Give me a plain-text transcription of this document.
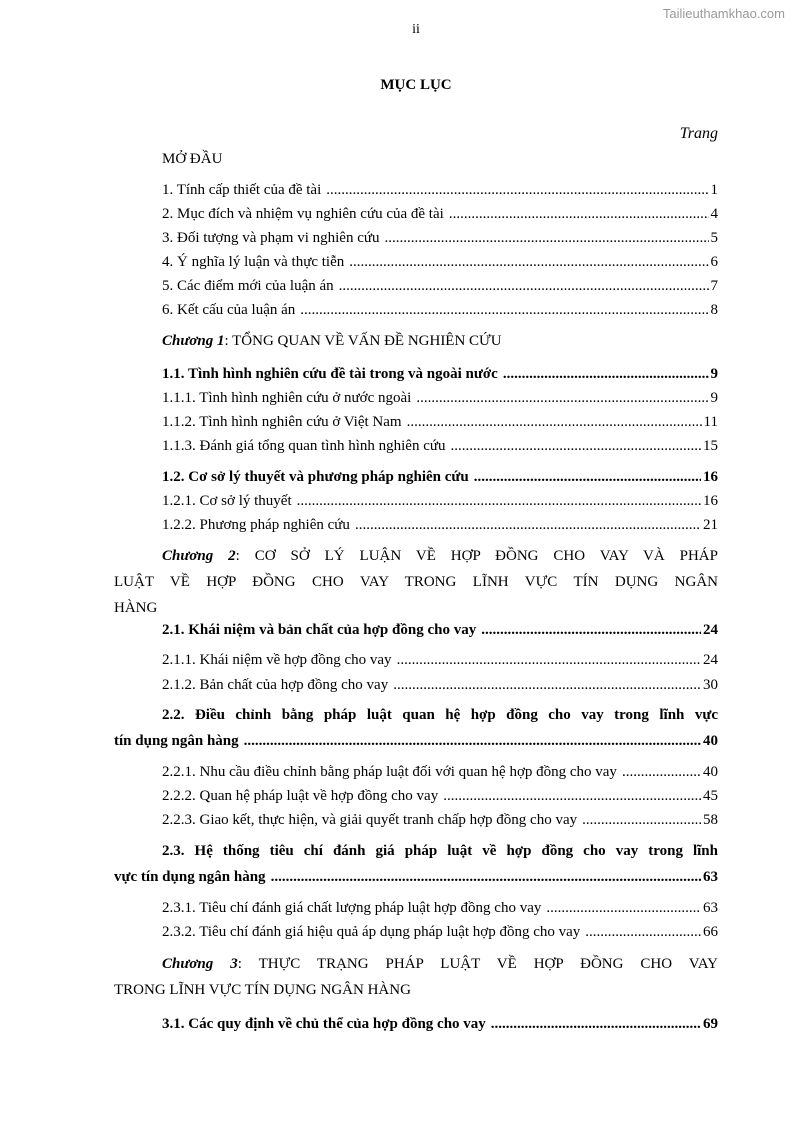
Tailieuthamkhao.com
ii
MỤC LỤC
Trang
MỞ ĐẦU
1. Tính cấp thiết của đề tài .....	1
2. Mục đích và nhiệm vụ nghiên cứu của đề tài .....	4
3. Đối tượng và phạm vi nghiên cứu .....	5
4. Ý nghĩa lý luận và thực tiễn .....	6
5. Các điểm mới của luận án .....	7
6. Kết cấu của luận án .....	8
Chương 1: TỔNG QUAN VỀ VẤN ĐỀ NGHIÊN CỨU
1.1. Tình hình nghiên cứu đề tài trong và ngoài nước .....	9
1.1.1. Tình hình nghiên cứu ở nước ngoài .....	9
1.1.2. Tình hình nghiên cứu ở Việt Nam .....	11
1.1.3. Đánh giá tổng quan tình hình nghiên cứu .....	15
1.2. Cơ sở lý thuyết và phương pháp nghiên cứu .....	16
1.2.1. Cơ sở lý thuyết .....	16
1.2.2. Phương pháp nghiên cứu .....	21
Chương 2: CƠ SỞ LÝ LUẬN VỀ HỢP ĐỒNG CHO VAY VÀ PHÁP
LUẬT VỀ HỢP ĐỒNG CHO VAY TRONG LĨNH VỰC TÍN DỤNG NGÂN
HÀNG
2.1. Khái niệm và bản chất của hợp đồng cho vay .....	24
2.1.1. Khái niệm về hợp đồng cho vay .....	24
2.1.2. Bản chất của hợp đồng cho vay .....	30
2.2. Điều chỉnh bằng pháp luật quan hệ hợp đồng cho vay trong lĩnh vực
tín dụng ngân hàng .....	40
2.2.1. Nhu cầu điều chỉnh bằng pháp luật đối với quan hệ hợp đồng cho vay .....	40
2.2.2. Quan hệ pháp luật về hợp đồng cho vay .....	45
2.2.3. Giao kết, thực hiện, và giải quyết tranh chấp hợp đồng cho vay .....	58
2.3. Hệ thống tiêu chí đánh giá pháp luật về hợp đồng cho vay trong lĩnh
vực tín dụng ngân hàng .....	63
2.3.1. Tiêu chí đánh giá chất lượng pháp luật hợp đồng cho vay .....	63
2.3.2. Tiêu chí đánh giá hiệu quả áp dụng pháp luật hợp đồng cho vay .....	66
Chương 3: THỰC TRẠNG PHÁP LUẬT VỀ HỢP ĐỒNG CHO VAY
TRONG LĨNH VỰC TÍN DỤNG NGÂN HÀNG
3.1. Các quy định về chủ thể của hợp đồng cho vay .....	69
